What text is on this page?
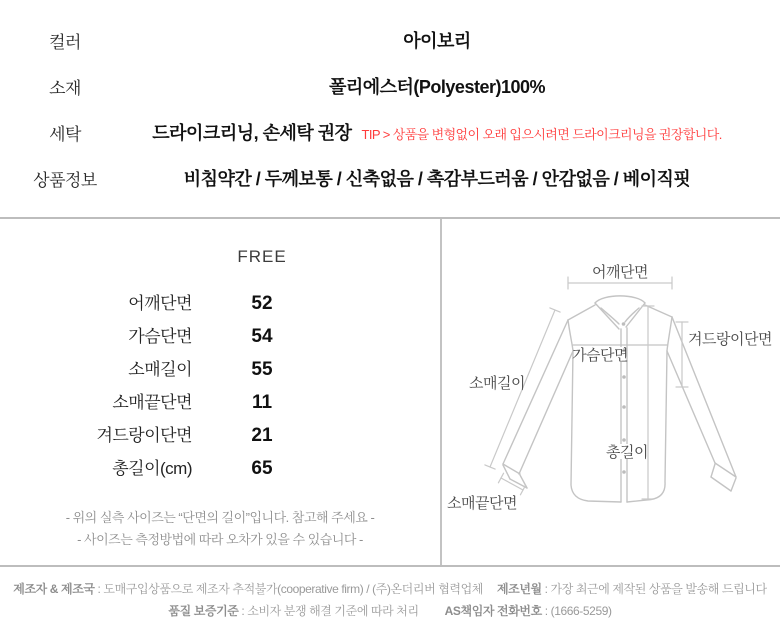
컬러	아이보리
소재	폴리에스터(Polyester)100%
세탁	드라이크리닝, 손세탁 권장 TIP > 상품을 변형없이 오래 입으시려면 드라이크리닝을 권장합니다.
상품정보	비침약간 / 두께보통 / 신축없음 / 촉감부드러움 / 안감없음 / 베이직핏
FREE
어깨단면	52
가슴단면	54
소매길이	55
소매끝단면	11
겨드랑이단면	21
총길이(cm)	65
- 위의 실측 사이즈는 “단면의 길이”입니다. 참고해 주세요 -
- 사이즈는 측정방법에 따라 오차가 있을 수 있습니다 -
어깨단면
가슴단면
소매길이
겨드랑이단면
총길이
소매끝단면
제조자 & 제조국 : 도매구입상품으로 제조자 추적불가(cooperative firm) / (주)온더리버 협력업체 제조년월 : 가장 최근에 제작된 상품을 발송해 드립니다
품질 보증기준 : 소비자 분쟁 해결 기준에 따라 처리 AS책임자 전화번호 : (1666-5259)
